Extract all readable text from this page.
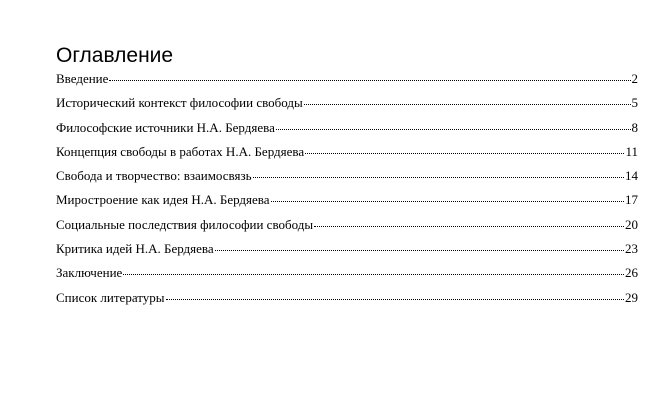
Оглавление
Введение	2
Исторический контекст философии свободы	5
Философские источники Н.А. Бердяева	8
Концепция свободы в работах Н.А. Бердяева	11
Свобода и творчество: взаимосвязь	14
Миростроение как идея Н.А. Бердяева	17
Социальные последствия философии свободы	20
Критика идей Н.А. Бердяева	23
Заключение	26
Список литературы	29
